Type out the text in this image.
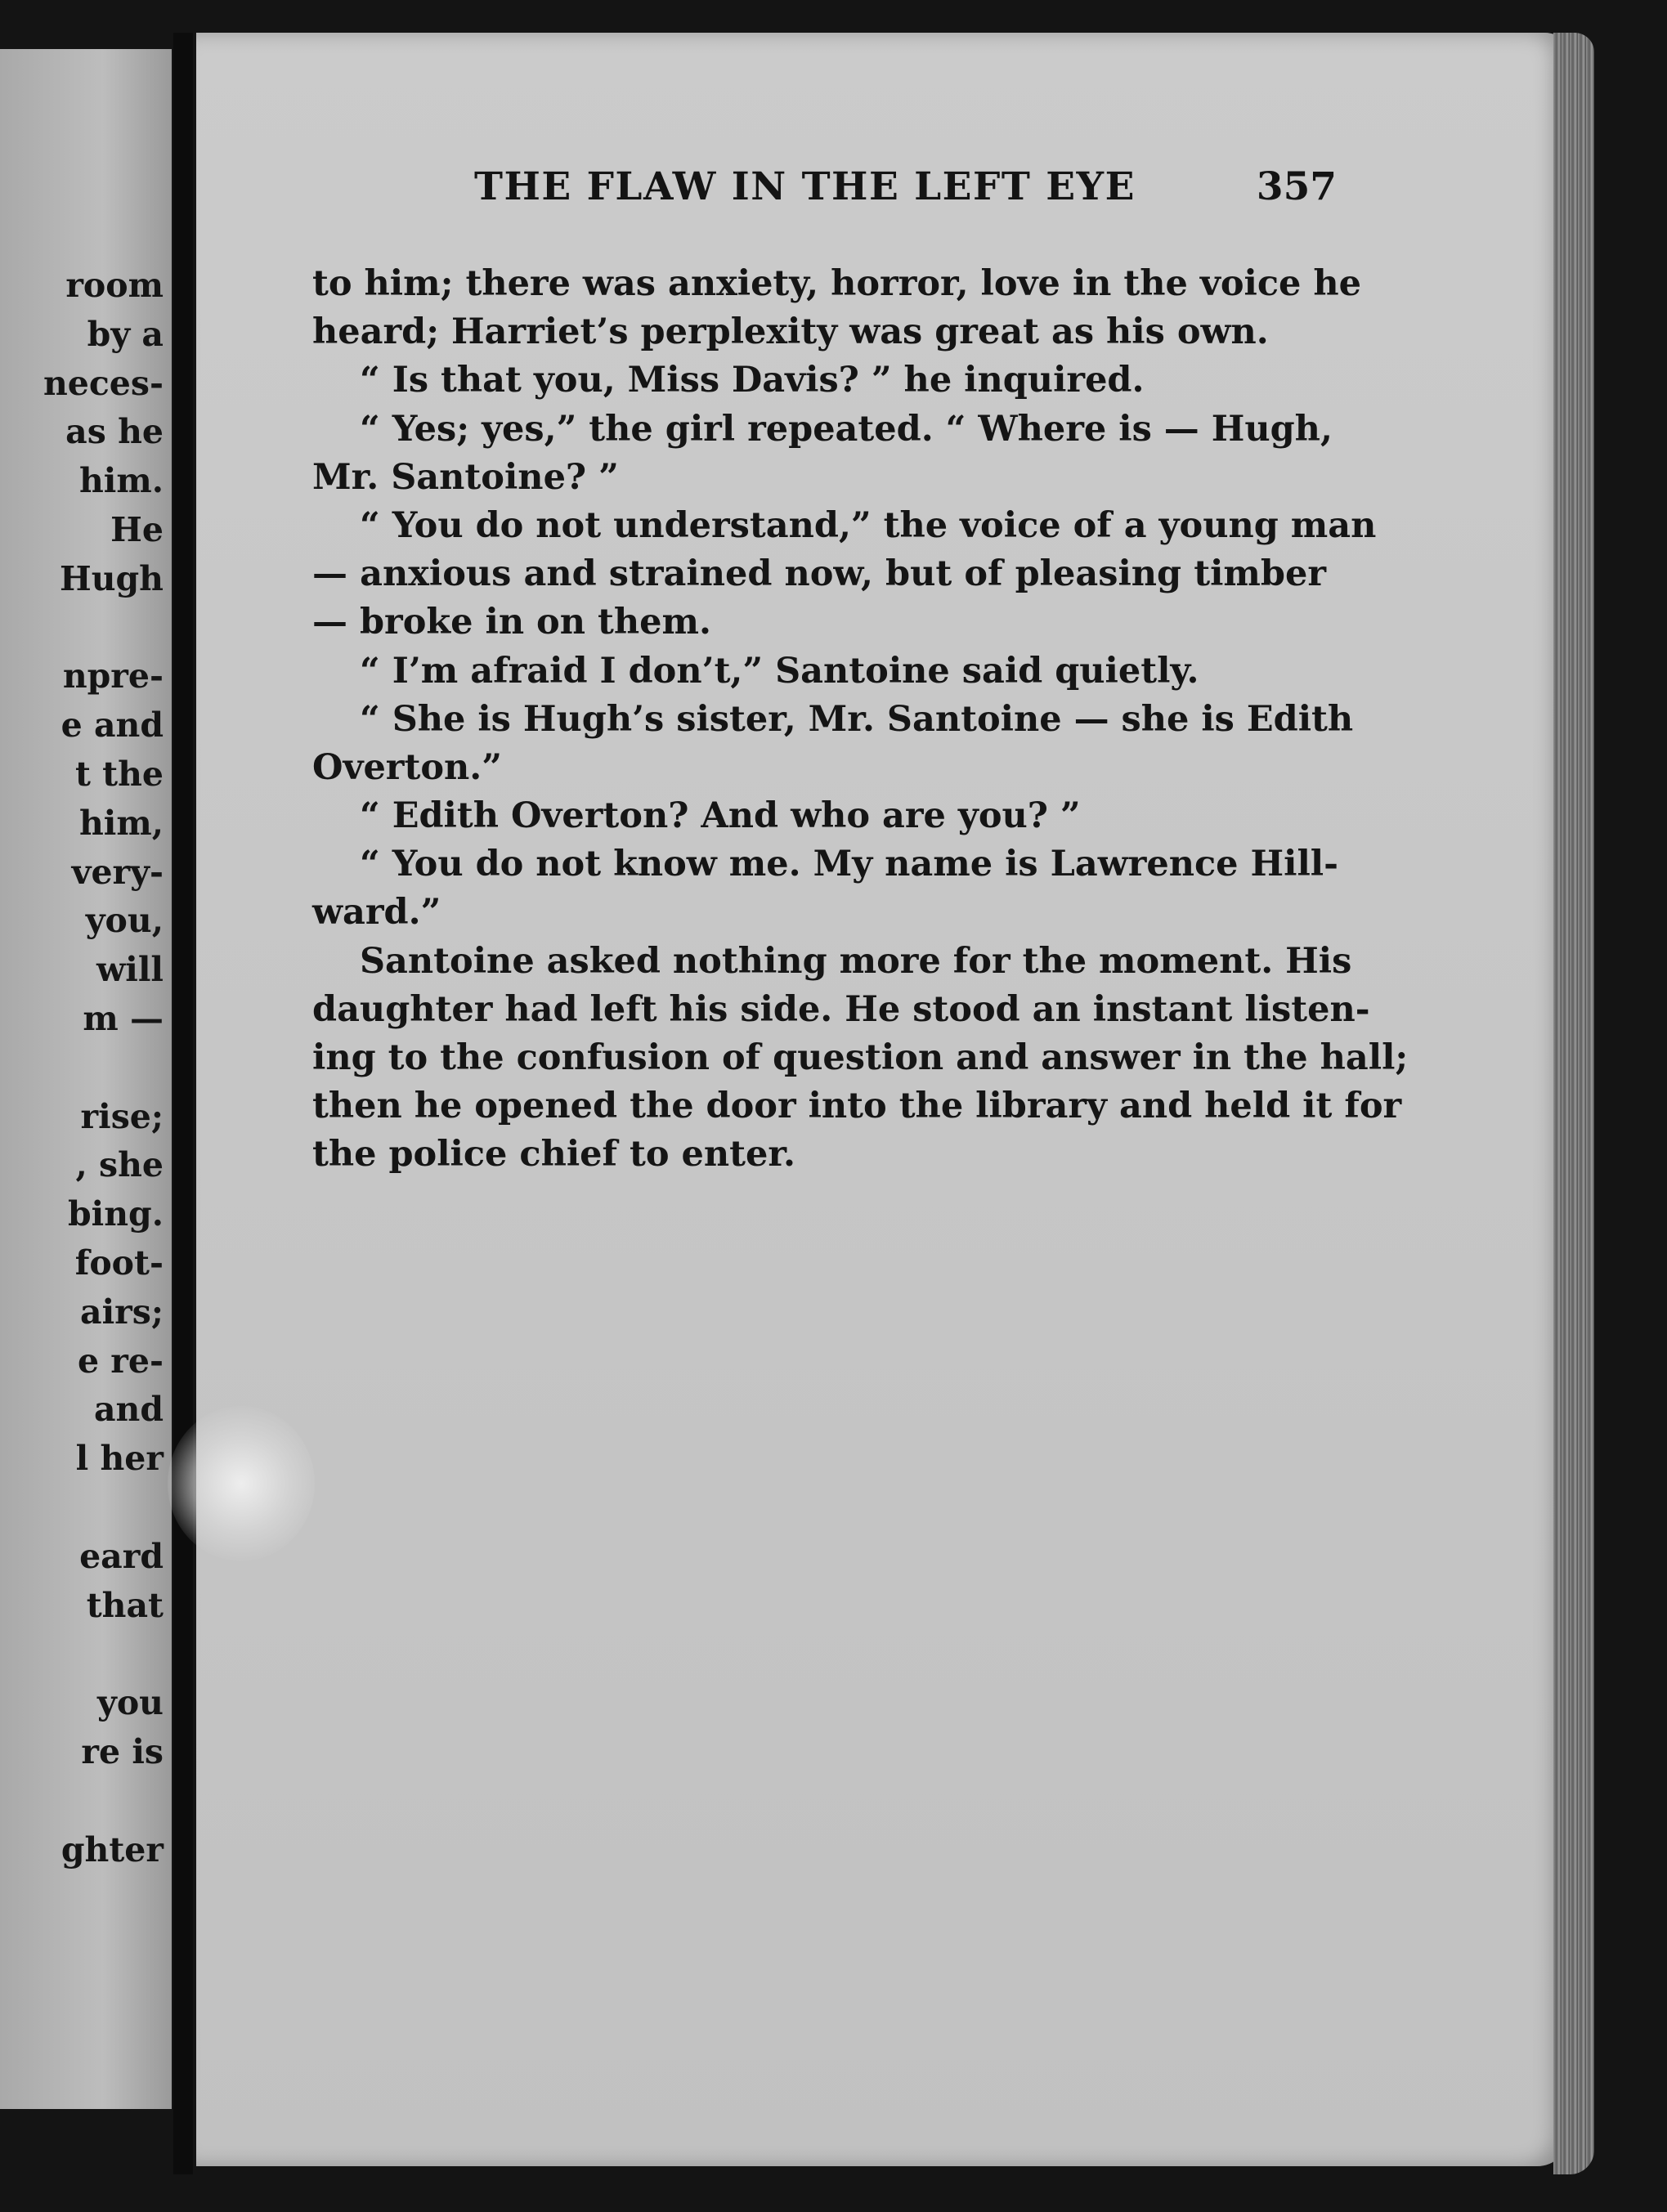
room
by a
neces-
as he
him.
He
Hugh
npre-
e and
t the
him,
very-
you,
will
m —
rise;
, she
bing.
foot-
airs;
e re-
and
l her
eard
that
you
re is
ghter
THE FLAW IN THE LEFT EYE	357
to him; there was anxiety, horror, love in the voice he
heard; Harriet’s perplexity was great as his own.
“ Is that you, Miss Davis? ” he inquired.
“ Yes; yes,” the girl repeated. “ Where is — Hugh,
Mr. Santoine? ”
“ You do not understand,” the voice of a young man
— anxious and strained now, but of pleasing timber
— broke in on them.
“ I’m afraid I don’t,” Santoine said quietly.
“ She is Hugh’s sister, Mr. Santoine — she is Edith
Overton.”
“ Edith Overton? And who are you? ”
“ You do not know me. My name is Lawrence Hill-
ward.”
Santoine asked nothing more for the moment. His
daughter had left his side. He stood an instant listen-
ing to the confusion of question and answer in the hall;
then he opened the door into the library and held it for
the police chief to enter.
